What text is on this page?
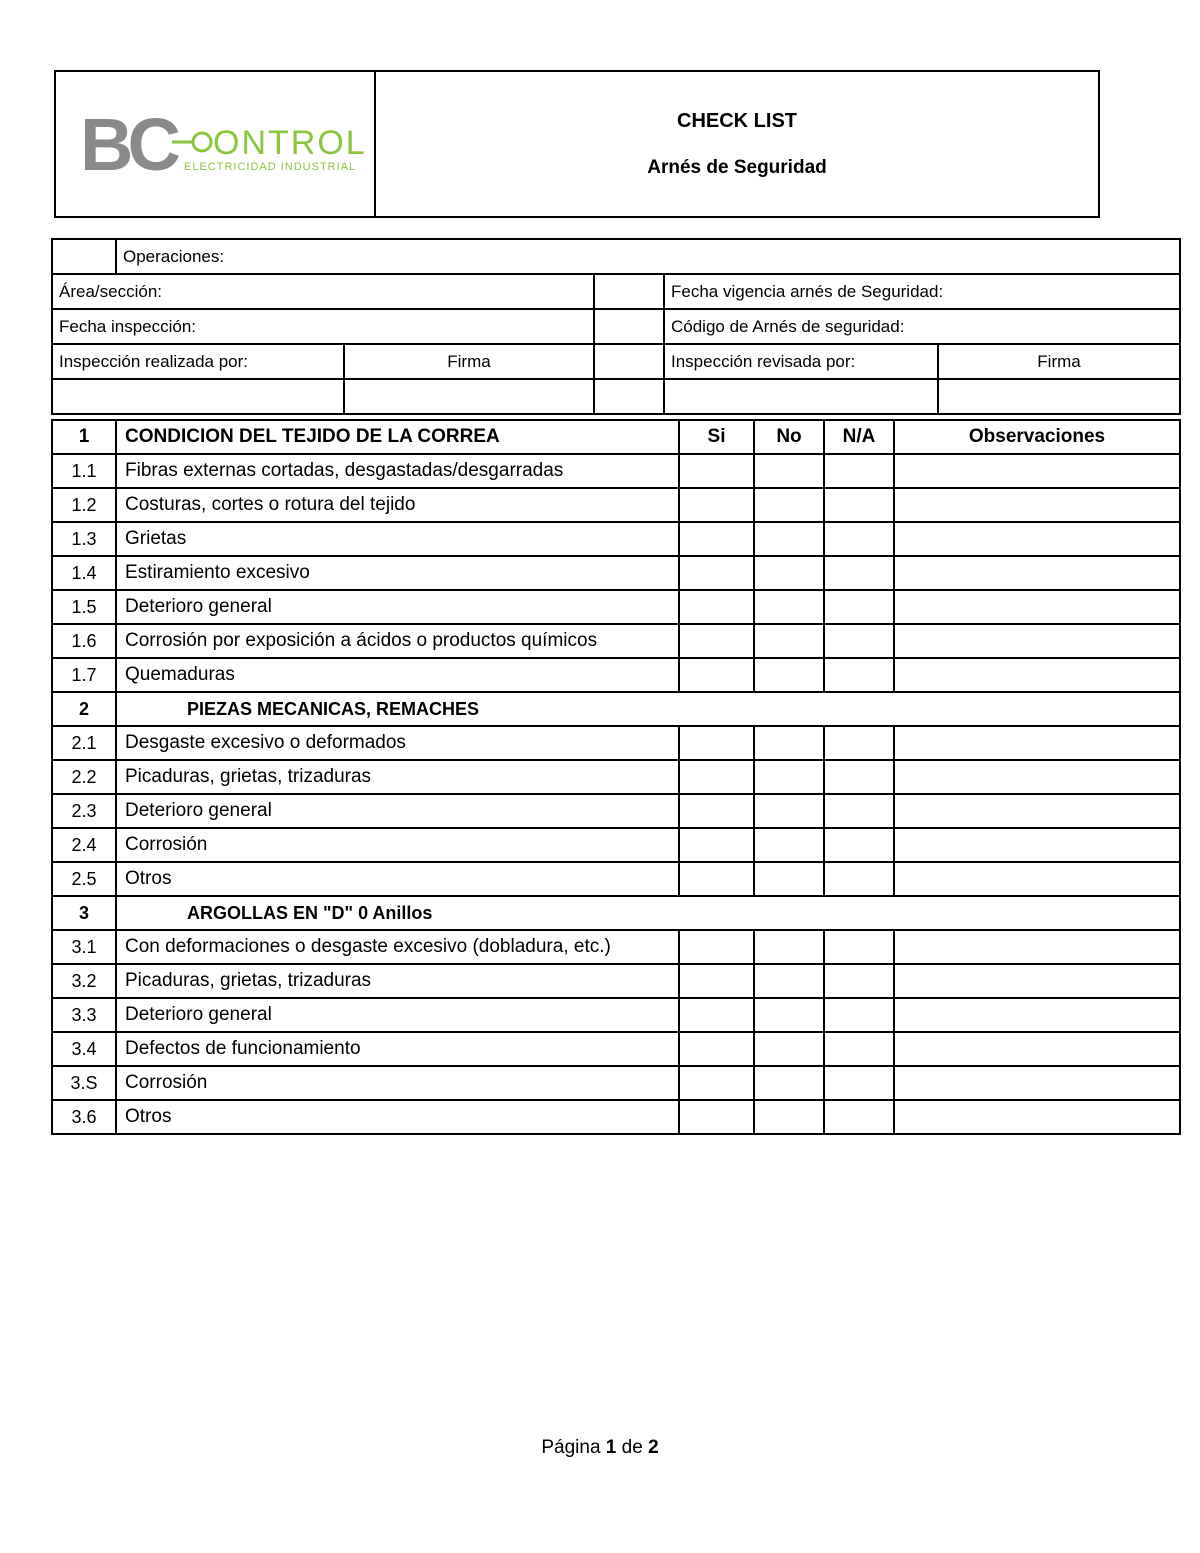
BC ONTROL
ELECTRICIDAD INDUSTRIAL
CHECK LIST
Arnés de Seguridad
	Operaciones:				
Área/sección:				Fecha vigencia arnés de Seguridad:	
Fecha inspección:				Código de Arnés de seguridad:	
Inspección realizada por:		Firma		Inspección revisada por:	Firma

1	CONDICION DEL TEJIDO DE LA CORREA	Si	No	N/A	Observaciones
1.1	Fibras externas cortadas, desgastadas/desgarradas				
1.2	Costuras, cortes o rotura del tejido				
1.3	Grietas				
1.4	Estiramiento excesivo				
1.5	Deterioro general				
1.6	Corrosión por exposición a ácidos o productos químicos				
1.7	Quemaduras				
2	PIEZAS MECANICAS, REMACHES				
2.1	Desgaste excesivo o deformados				
2.2	Picaduras, grietas, trizaduras				
2.3	Deterioro general				
2.4	Corrosión				
2.5	Otros				
3	ARGOLLAS EN "D" 0 Anillos				
3.1	Con deformaciones o desgaste excesivo (dobladura, etc.)				
3.2	Picaduras, grietas, trizaduras				
3.3	Deterioro general				
3.4	Defectos de funcionamiento				
3.S	Corrosión				
3.6	Otros				
Página 1 de 2
